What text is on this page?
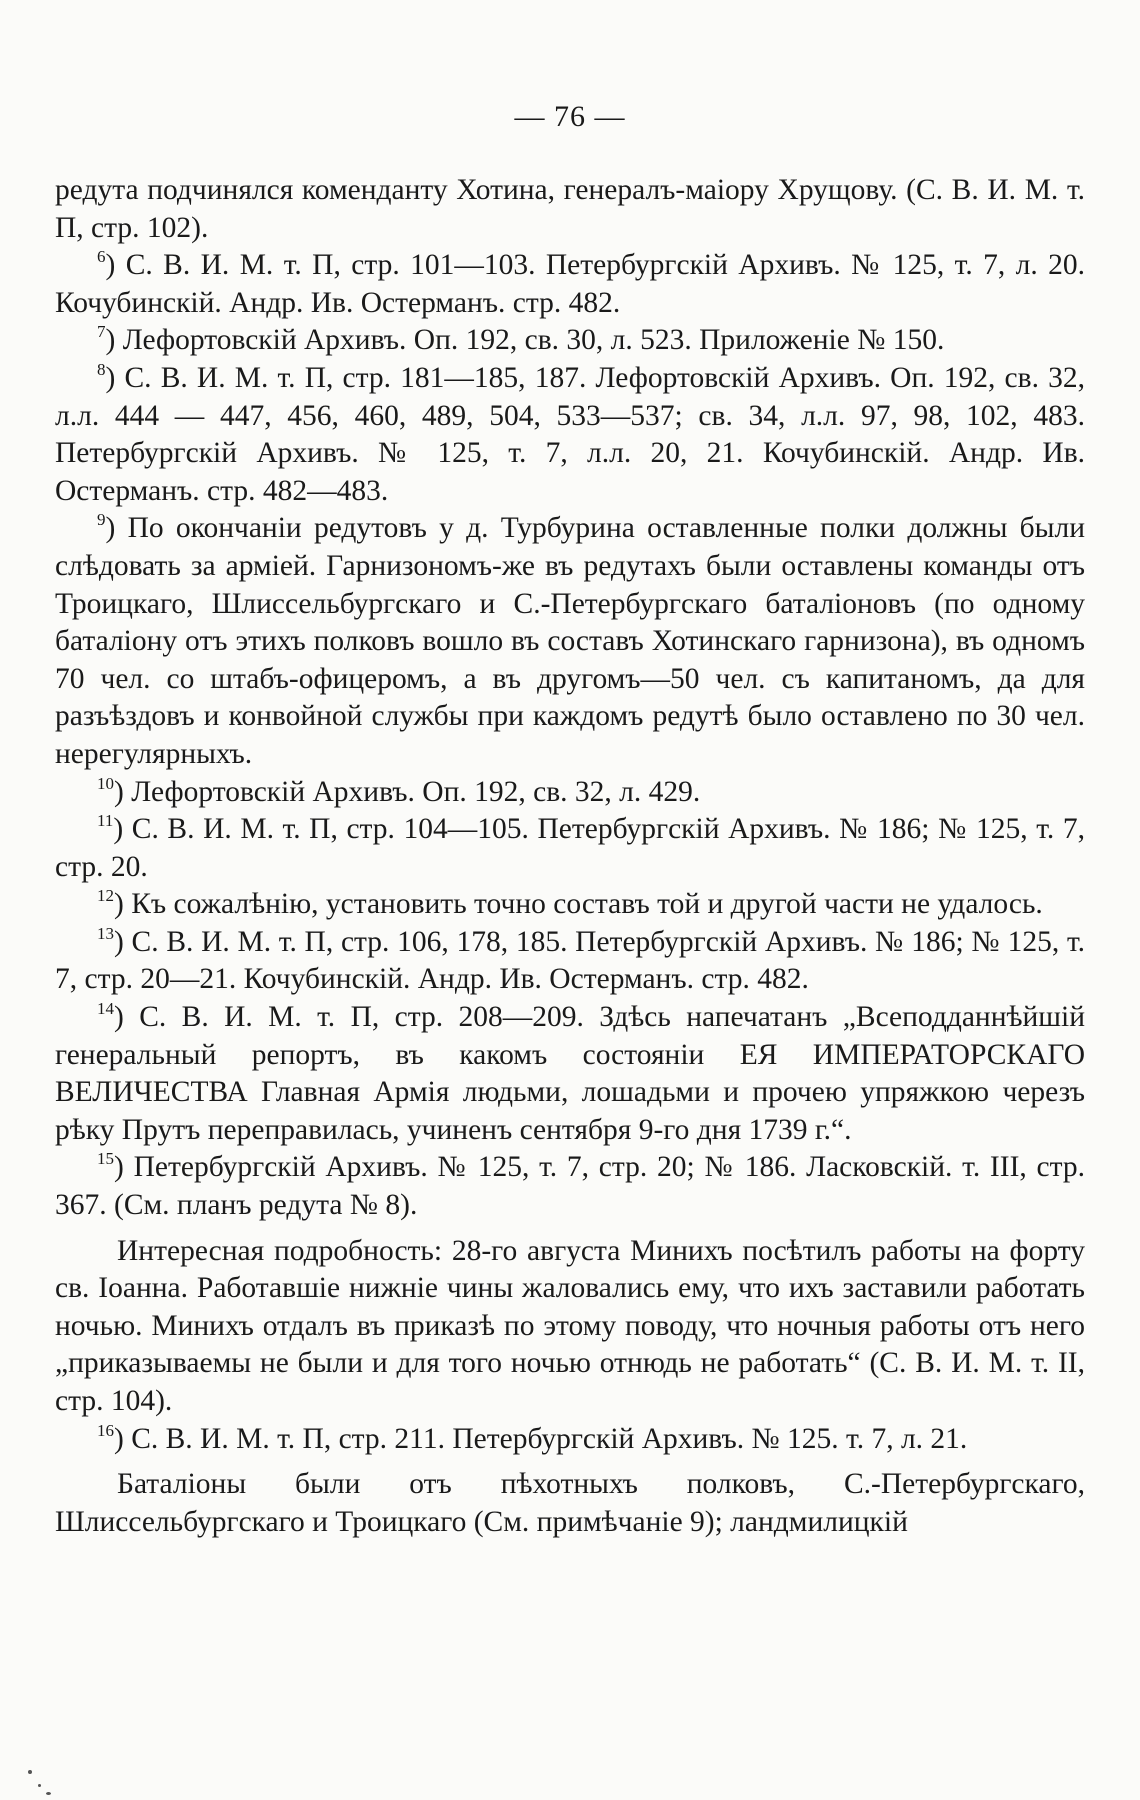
— 76 —

редута подчинялся коменданту Хотина, генералъ-маіору Хрущову. (С. В. И. М. т. П, стр. 102).

$^6$) С. В. И. М. т. П, стр. 101—103. Петербургскій Архивъ. № 125, т. 7, л. 20. Кочубинскій. Андр. Ив. Остерманъ. стр. 482.

$^7$) Лефортовскій Архивъ. Оп. 192, св. 30, л. 523. Приложеніе № 150.

$^8$) С. В. И. М. т. П, стр. 181—185, 187. Лефортовскій Архивъ. Оп. 192, св. 32, л.л. 444 — 447, 456, 460, 489, 504, 533—537; св. 34, л.л. 97, 98, 102, 483. Петербургскій Архивъ. № 125, т. 7, л.л. 20, 21. Кочубинскій. Андр. Ив. Остерманъ. стр. 482—483.

$^9$) По окончаніи редутовъ у д. Турбурина оставленные полки должны были слѣдовать за арміей. Гарнизономъ-же въ редутахъ были оставлены команды отъ Троицкаго, Шлиссельбургскаго и С.-Петербургскаго баталіоновъ (по одному баталіону отъ этихъ полковъ вошло въ составъ Хотинскаго гарнизона), въ одномъ 70 чел. со штабъ-офицеромъ, а въ другомъ—50 чел. съ капитаномъ, да для разъѣздовъ и конвойной службы при каждомъ редутѣ было оставлено по 30 чел. нерегулярныхъ.

$^{10}$) Лефортовскій Архивъ. Оп. 192, св. 32, л. 429.

$^{11}$) С. В. И. М. т. П, стр. 104—105. Петербургскій Архивъ. № 186; № 125, т. 7, стр. 20.

$^{12}$) Къ сожалѣнію, установить точно составъ той и другой части не удалось.

$^{13}$) С. В. И. М. т. П, стр. 106, 178, 185. Петербургскій Архивъ. № 186; № 125, т. 7, стр. 20—21. Кочубинскій. Андр. Ив. Остерманъ. стр. 482.

$^{14}$) С. В. И. М. т. П, стр. 208—209. Здѣсь напечатанъ „Всеподданнѣйшій генеральный репортъ, въ какомъ состояніи ЕЯ ИМПЕРАТОРСКАГО ВЕЛИЧЕСТВА Главная Армія людьми, лошадьми и прочею упряжкою черезъ рѣку Прутъ переправилась, учиненъ сентября 9-го дня 1739 г.“.

$^{15}$) Петербургскій Архивъ. № 125, т. 7, стр. 20; № 186. Ласковскій. т. III, стр. 367. (См. планъ редута № 8).

Интересная подробность: 28-го августа Минихъ посѣтилъ работы на форту св. Іоанна. Работавшіе нижніе чины жаловались ему, что ихъ заставили работать ночью. Минихъ отдалъ въ приказѣ по этому поводу, что ночныя работы отъ него „приказываемы не были и для того ночью отнюдь не работать“ (С. В. И. М. т. II, стр. 104).

$^{16}$) С. В. И. М. т. П, стр. 211. Петербургскій Архивъ. № 125. т. 7, л. 21.

Баталіоны были отъ пѣхотныхъ полковъ, С.-Петербургскаго, Шлиссельбургскаго и Троицкаго (См. примѣчаніе 9); ландмилицкій
